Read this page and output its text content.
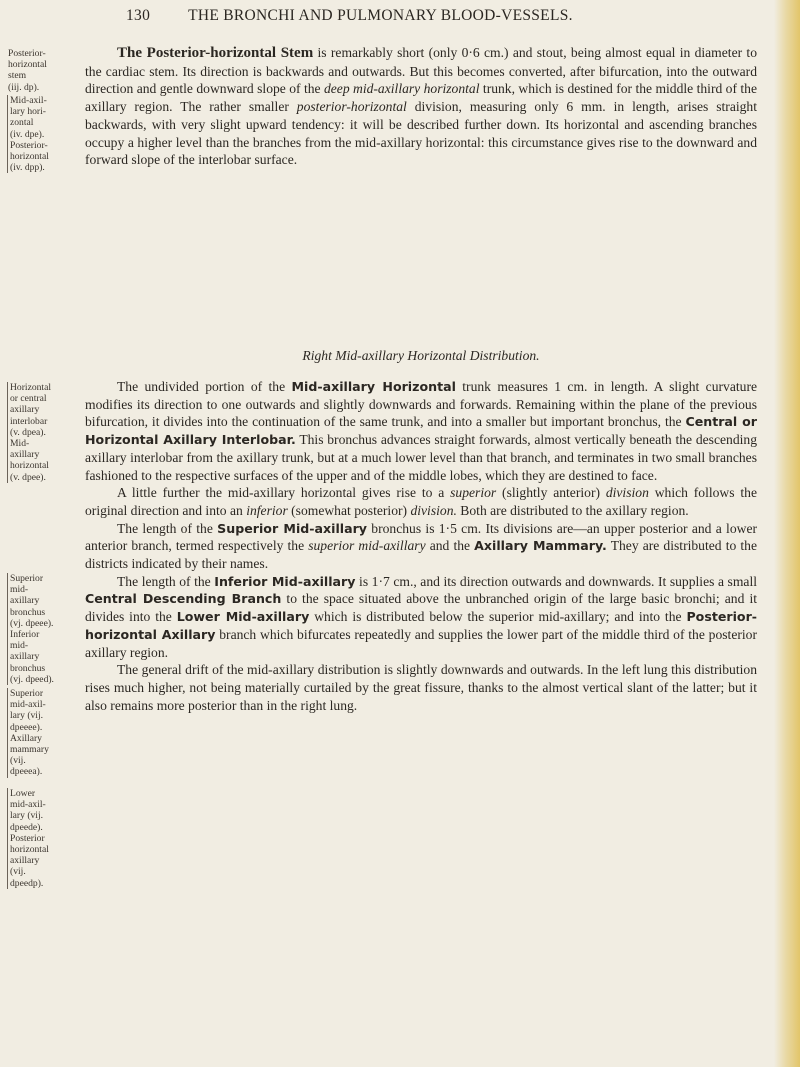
130 THE BRONCHI AND PULMONARY BLOOD-VESSELS.
Posterior-
horizontal
stem
(iij. dp).
Mid-axil-
lary hori-
zontal
(iv. dpe).
Posterior-
horizontal
(iv. dpp).
Horizontal
or central
axillary
interlobar
(v. dpea).
Mid-
axillary
horizontal
(v. dpee).
Superior
mid-
axillary
bronchus
(vj. dpeee).
Inferior
mid-
axillary
bronchus
(vj. dpeed).
Superior
mid-axil-
lary (vij.
dpeeee).
Axillary
mammary
(vij.
dpeeea).
Lower
mid-axil-
lary (vij.
dpeede).
Posterior
horizontal
axillary
(vij.
dpeedp).

The Posterior-horizontal Stem is remarkably short (only 0·6 cm.) and stout, being almost equal in diameter to the cardiac stem. Its direction is backwards and outwards. But this becomes converted, after bifurcation, into the outward direction and gentle downward slope of the deep mid-axillary horizontal trunk, which is destined for the middle third of the axillary region. The rather smaller posterior-horizontal division, measuring only 6 mm. in length, arises straight backwards, with very slight upward tendency: it will be described further down. Its horizontal and ascending branches occupy a higher level than the branches from the mid-axillary horizontal: this circumstance gives rise to the downward and forward slope of the interlobar surface.

Right Mid-axillary Horizontal Distribution.

The undivided portion of the Mid-axillary Horizontal trunk measures 1 cm. in length. A slight curvature modifies its direction to one outwards and slightly downwards and forwards. Remaining within the plane of the previous bifurcation, it divides into the continuation of the same trunk, and into a smaller but important bronchus, the Central or Horizontal Axillary Interlobar. This bronchus advances straight forwards, almost vertically beneath the descending axillary interlobar from the axillary trunk, but at a much lower level than that branch, and terminates in two small branches fashioned to the respective surfaces of the upper and of the middle lobes, which they are destined to face.

A little further the mid-axillary horizontal gives rise to a superior (slightly anterior) division which follows the original direction and into an inferior (somewhat posterior) division. Both are distributed to the axillary region.

The length of the Superior Mid-axillary bronchus is 1·5 cm. Its divisions are—an upper posterior and a lower anterior branch, termed respectively the superior mid-axillary and the Axillary Mammary. They are distributed to the districts indicated by their names.

The length of the Inferior Mid-axillary is 1·7 cm., and its direction outwards and downwards. It supplies a small Central Descending Branch to the space situated above the unbranched origin of the large basic bronchi; and it divides into the Lower Mid-axillary which is distributed below the superior mid-axillary; and into the Posterior-horizontal Axillary branch which bifurcates repeatedly and supplies the lower part of the middle third of the posterior axillary region.

The general drift of the mid-axillary distribution is slightly downwards and outwards. In the left lung this distribution rises much higher, not being materially curtailed by the great fissure, thanks to the almost vertical slant of the latter; but it also remains more posterior than in the right lung.
